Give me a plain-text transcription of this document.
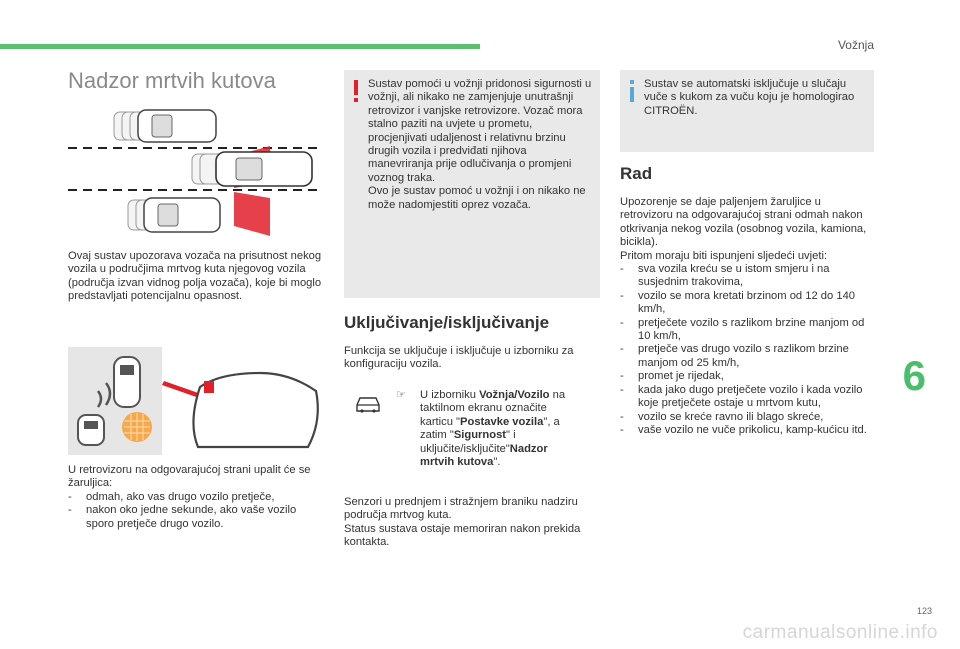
Vožnja
Nadzor mrtvih kutova
Ovaj sustav upozorava vozača na prisutnost nekog vozila u područjima mrtvog kuta njegovog vozila (područja izvan vidnog polja vozača), koje bi moglo predstavljati potencijalnu opasnost.
U retrovizoru na odgovarajućoj strani upalit će se žaruljica:
- odmah, ako vas drugo vozilo pretječe,
- nakon oko jedne sekunde, ako vaše vozilo sporo pretječe drugo vozilo.
Sustav pomoći u vožnji pridonosi sigurnosti u vožnji, ali nikako ne zamjenjuje unutrašnji retrovizor i vanjske retrovizore. Vozač mora stalno paziti na uvjete u prometu, procjenjivati udaljenost i relativnu brzinu drugih vozila i predviđati njihova manevriranja prije odlučivanja o promjeni voznog traka.
Ovo je sustav pomoć u vožnji i on nikako ne može nadomjestiti oprez vozača.
Uključivanje/isključivanje
Funkcija se uključuje i isključuje u izborniku za konfiguraciju vozila.
☞ U izborniku Vožnja/Vozilo na taktilnom ekranu označite karticu "Postavke vozila", a zatim "Sigurnost" i uključite/isključite"Nadzor mrtvih kutova".
Senzori u prednjem i stražnjem braniku nadziru područja mrtvog kuta.
Status sustava ostaje memoriran nakon prekida kontakta.
Sustav se automatski isključuje u slučaju vuče s kukom za vuču koju je homologirao CITROËN.
Rad
Upozorenje se daje paljenjem žaruljice u retrovizoru na odgovarajućoj strani odmah nakon otkrivanja nekog vozila (osobnog vozila, kamiona, bicikla).
Pritom moraju biti ispunjeni sljedeći uvjeti:
- sva vozila kreću se u istom smjeru i na susjednim trakovima,
- vozilo se mora kretati brzinom od 12 do 140 km/h,
- pretječete vozilo s razlikom brzine manjom od 10 km/h,
- pretječe vas drugo vozilo s razlikom brzine manjom od 25 km/h,
- promet je rijedak,
- kada jako dugo pretječete vozilo i kada vozilo koje pretječete ostaje u mrtvom kutu,
- vozilo se kreće ravno ili blago skreće,
- vaše vozilo ne vuče prikolicu, kamp-kućicu itd.
6
123
carmanualsonline.info
